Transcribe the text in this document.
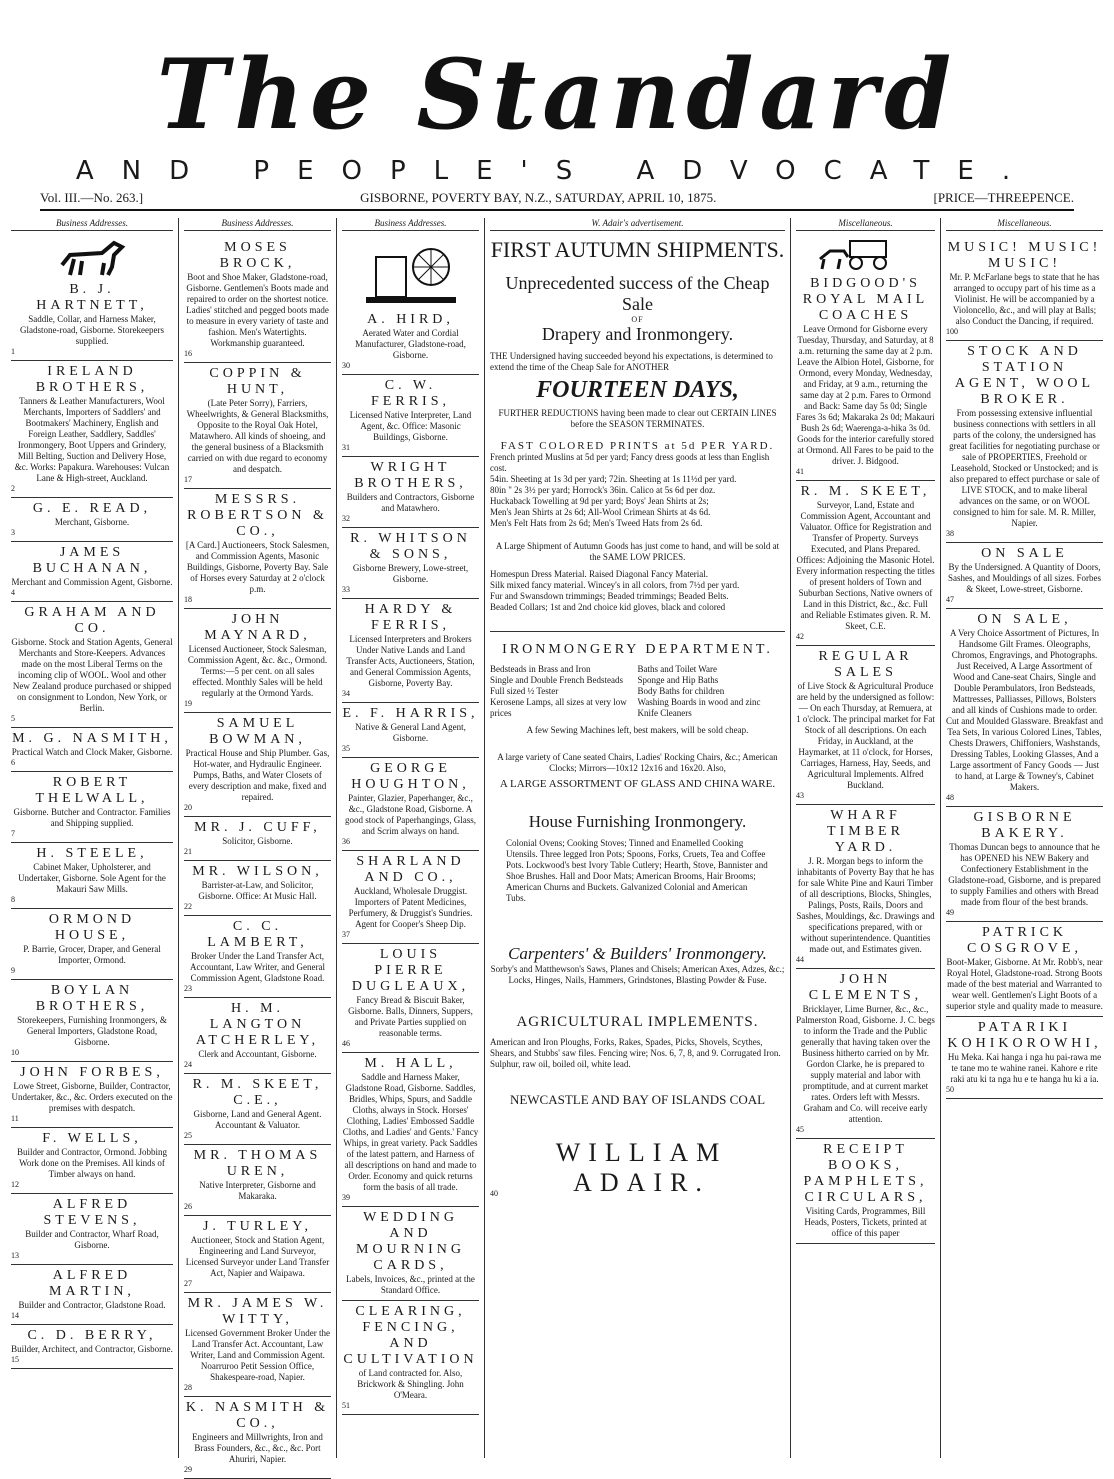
The Standard
AND PEOPLE'S ADVOCATE.
Vol. III.—No. 263.]	GISBORNE, POVERTY BAY, N.Z., SATURDAY, APRIL 10, 1875.	[PRICE—THREEPENCE.
Business Addresses.
B. J. HARTNETT,
Saddle, Collar, and Harness Maker, Gladstone-road, Gisborne. Storekeepers supplied.
1
IRELAND BROTHERS,
Tanners & Leather Manufacturers, Wool Merchants, Importers of Saddlers' and Bootmakers' Machinery, English and Foreign Leather, Saddlery, Saddles' Ironmongery, Boot Uppers and Grindery, Mill Belting, Suction and Delivery Hose, &c. Works: Papakura. Warehouses: Vulcan Lane & High-street, Auckland.
2
G. E. READ,
Merchant, Gisborne.
3
JAMES BUCHANAN,
Merchant and Commission Agent, Gisborne.
4
GRAHAM AND CO.
Gisborne. Stock and Station Agents, General Merchants and Store-Keepers. Advances made on the most Liberal Terms on the incoming clip of WOOL. Wool and other New Zealand produce purchased or shipped on consignment to London, New York, or Berlin.
5
M. G. NASMITH,
Practical Watch and Clock Maker, Gisborne.
6
ROBERT THELWALL,
Gisborne. Butcher and Contractor. Families and Shipping supplied.
7
H. STEELE,
Cabinet Maker, Upholsterer, and Undertaker, Gisborne. Sole Agent for the Makauri Saw Mills.
8
ORMOND HOUSE,
P. Barrie, Grocer, Draper, and General Importer, Ormond.
9
BOYLAN BROTHERS,
Storekeepers, Furnishing Ironmongers, & General Importers, Gladstone Road, Gisborne.
10
JOHN FORBES,
Lowe Street, Gisborne, Builder, Contractor, Undertaker, &c., &c. Orders executed on the premises with despatch.
11
F. WELLS,
Builder and Contractor, Ormond. Jobbing Work done on the Premises. All kinds of Timber always on hand.
12
ALFRED STEVENS,
Builder and Contractor, Wharf Road, Gisborne.
13
ALFRED MARTIN,
Builder and Contractor, Gladstone Road.
14
C. D. BERRY,
Builder, Architect, and Contractor, Gisborne.
15
Business Addresses.
MOSES BROCK,
Boot and Shoe Maker, Gladstone-road, Gisborne. Gentlemen's Boots made and repaired to order on the shortest notice. Ladies' stitched and pegged boots made to measure in every variety of taste and fashion. Men's Watertights. Workmanship guaranteed.
16
COPPIN & HUNT,
(Late Peter Sorry), Farriers, Wheelwrights, & General Blacksmiths, Opposite to the Royal Oak Hotel, Matawhero. All kinds of shoeing, and the general business of a Blacksmith carried on with due regard to economy and despatch.
17
MESSRS. ROBERTSON & CO.,
[A Card.] Auctioneers, Stock Salesmen, and Commission Agents, Masonic Buildings, Gisborne, Poverty Bay. Sale of Horses every Saturday at 2 o'clock p.m.
18
JOHN MAYNARD,
Licensed Auctioneer, Stock Salesman, Commission Agent, &c. &c., Ormond. Terms:—5 per cent. on all sales effected. Monthly Sales will be held regularly at the Ormond Yards.
19
SAMUEL BOWMAN,
Practical House and Ship Plumber. Gas, Hot-water, and Hydraulic Engineer. Pumps, Baths, and Water Closets of every description and make, fixed and repaired.
20
MR. J. CUFF,
Solicitor, Gisborne.
21
MR. WILSON,
Barrister-at-Law, and Solicitor, Gisborne. Office: At Music Hall.
22
C. C. LAMBERT,
Broker Under the Land Transfer Act, Accountant, Law Writer, and General Commission Agent, Gladstone Road.
23
H. M. LANGTON ATCHERLEY,
Clerk and Accountant, Gisborne.
24
R. M. SKEET, C.E.,
Gisborne, Land and General Agent. Accountant & Valuator.
25
MR. THOMAS UREN,
Native Interpreter, Gisborne and Makaraka.
26
J. TURLEY,
Auctioneer, Stock and Station Agent, Engineering and Land Surveyor, Licensed Surveyor under Land Transfer Act, Napier and Waipawa.
27
MR. JAMES W. WITTY,
Licensed Government Broker Under the Land Transfer Act. Accountant, Law Writer, Land and Commission Agent. Noarruroo Petit Session Office, Shakespeare-road, Napier.
28
K. NASMITH & CO.,
Engineers and Millwrights, Iron and Brass Founders, &c., &c., &c. Port Ahuriri, Napier.
29
Business Addresses.
A. HIRD,
Aerated Water and Cordial Manufacturer, Gladstone-road, Gisborne.
30
C. W. FERRIS,
Licensed Native Interpreter, Land Agent, &c. Office: Masonic Buildings, Gisborne.
31
WRIGHT BROTHERS,
Builders and Contractors, Gisborne and Matawhero.
32
R. WHITSON & SONS,
Gisborne Brewery, Lowe-street, Gisborne.
33
HARDY & FERRIS,
Licensed Interpreters and Brokers Under Native Lands and Land Transfer Acts, Auctioneers, Station, and General Commission Agents, Gisborne, Poverty Bay.
34
E. F. HARRIS,
Native & General Land Agent, Gisborne.
35
GEORGE HOUGHTON,
Painter, Glazier, Paperhanger, &c., &c., Gladstone Road, Gisborne. A good stock of Paperhangings, Glass, and Scrim always on hand.
36
SHARLAND AND CO.,
Auckland, Wholesale Druggist. Importers of Patent Medicines, Perfumery, & Druggist's Sundries. Agent for Cooper's Sheep Dip.
37
LOUIS PIERRE DUGLEAUX,
Fancy Bread & Biscuit Baker, Gisborne. Balls, Dinners, Suppers, and Private Parties supplied on reasonable terms.
46
M. HALL,
Saddle and Harness Maker, Gladstone Road, Gisborne. Saddles, Bridles, Whips, Spurs, and Saddle Cloths, always in Stock. Horses' Clothing, Ladies' Embossed Saddle Cloths, and Ladies' and Gents.' Fancy Whips, in great variety. Pack Saddles of the latest pattern, and Harness of all descriptions on hand and made to Order. Economy and quick returns form the basis of all trade.
39
WEDDING AND MOURNING CARDS,
Labels, Invoices, &c., printed at the Standard Office.
CLEARING, FENCING, AND CULTIVATION
of Land contracted for. Also, Brickwork & Shingling. John O'Meara.
51
W. Adair's advertisement.
FIRST AUTUMN SHIPMENTS.
Unprecedented success of the Cheap Sale
OF
Drapery and Ironmongery.
THE Undersigned having succeeded beyond his expectations, is determined to extend the time of the Cheap Sale for ANOTHER
FOURTEEN DAYS,
FURTHER REDUCTIONS having been made to clear out CERTAIN LINES before the SEASON TERMINATES.
FAST COLORED PRINTS at 5d PER YARD.
French printed Muslins at 5d per yard; Fancy dress goods at less than English cost.
54in. Sheeting at 1s 3d per yard; 72in. Sheeting at 1s 11½d per yard.
80in " 2s 3½ per yard; Horrock's 36in. Calico at 5s 6d per doz.
Huckaback Towelling at 9d per yard; Boys' Jean Shirts at 2s;
Men's Jean Shirts at 2s 6d; All-Wool Crimean Shirts at 4s 6d.
Men's Felt Hats from 2s 6d; Men's Tweed Hats from 2s 6d.
A Large Shipment of Autumn Goods has just come to hand, and will be sold at the SAME LOW PRICES.
Homespun Dress Material. Raised Diagonal Fancy Material.
Silk mixed fancy material. Wincey's in all colors, from 7½d per yard.
Fur and Swansdown trimmings; Beaded trimmings; Beaded Belts.
Beaded Collars; 1st and 2nd choice kid gloves, black and colored
IRONMONGERY DEPARTMENT.
Bedsteads in Brass and Iron
Single and Double French Bedsteads
Full sized ½ Tester
Kerosene Lamps, all sizes at very low prices
Baths and Toilet Ware
Sponge and Hip Baths
Body Baths for children
Washing Boards in wood and zinc
Knife Cleaners
A few Sewing Machines left, best makers, will be sold cheap.
A large variety of Cane seated Chairs, Ladies' Rocking Chairs, &c.; American Clocks; Mirrors—10x12 12x16 and 16x20. Also,
A LARGE ASSORTMENT OF GLASS AND CHINA WARE.
House Furnishing Ironmongery.
Colonial Ovens; Cooking Stoves; Tinned and Enamelled Cooking Utensils. Three legged Iron Pots; Spoons, Forks, Cruets, Tea and Coffee Pots. Lockwood's best Ivory Table Cutlery; Hearth, Stove, Bannister and Shoe Brushes. Hall and Door Mats; American Brooms, Hair Brooms; American Churns and Buckets. Galvanized Colonial and American Tubs.
Carpenters' & Builders' Ironmongery.
Sorby's and Matthewson's Saws, Planes and Chisels; American Axes, Adzes, &c.; Locks, Hinges, Nails, Hammers, Grindstones, Blasting Powder & Fuse.
AGRICULTURAL IMPLEMENTS.
American and Iron Ploughs, Forks, Rakes, Spades, Picks, Shovels, Scythes, Shears, and Stubbs' saw files. Fencing wire; Nos. 6, 7, 8, and 9. Corrugated Iron. Sulphur, raw oil, boiled oil, white lead.
NEWCASTLE AND BAY OF ISLANDS COAL
40
WILLIAM ADAIR.
Miscellaneous.
BIDGOOD'S ROYAL MAIL COACHES
Leave Ormond for Gisborne every Tuesday, Thursday, and Saturday, at 8 a.m. returning the same day at 2 p.m. Leave the Albion Hotel, Gisborne, for Ormond, every Monday, Wednesday, and Friday, at 9 a.m., returning the same day at 2 p.m. Fares to Ormond and Back: Same day 5s 0d; Single Fares 3s 6d; Makaraka 2s 0d; Makauri Bush 2s 6d; Waerenga-a-hika 3s 0d. Goods for the interior carefully stored at Ormond. All Fares to be paid to the driver. J. Bidgood.
41
R. M. SKEET,
Surveyor, Land, Estate and Commission Agent, Accountant and Valuator. Office for Registration and Transfer of Property. Surveys Executed, and Plans Prepared. Offices: Adjoining the Masonic Hotel. Every information respecting the titles of present holders of Town and Suburban Sections, Native owners of Land in this District, &c., &c. Full and Reliable Estimates given. R. M. Skeet, C.E.
42
REGULAR SALES
of Live Stock & Agricultural Produce are held by the undersigned as follow:— On each Thursday, at Remuera, at 1 o'clock. The principal market for Fat Stock of all descriptions. On each Friday, in Auckland, at the Haymarket, at 11 o'clock, for Horses, Carriages, Harness, Hay, Seeds, and Agricultural Implements. Alfred Buckland.
43
WHARF TIMBER YARD.
J. R. Morgan begs to inform the inhabitants of Poverty Bay that he has for sale White Pine and Kauri Timber of all descriptions, Blocks, Shingles, Palings, Posts, Rails, Doors and Sashes, Mouldings, &c. Drawings and specifications prepared, with or without superintendence. Quantities made out, and Estimates given.
44
JOHN CLEMENTS,
Bricklayer, Lime Burner, &c., &c., Palmerston Road, Gisborne. J. C. begs to inform the Trade and the Public generally that having taken over the Business hitherto carried on by Mr. Gordon Clarke, he is prepared to supply material and labor with promptitude, and at current market rates. Orders left with Messrs. Graham and Co. will receive early attention.
45
RECEIPT BOOKS, PAMPHLETS, CIRCULARS,
Visiting Cards, Programmes, Bill Heads, Posters, Tickets, printed at office of this paper
Miscellaneous.
MUSIC! MUSIC! MUSIC!
Mr. P. McFarlane begs to state that he has arranged to occupy part of his time as a Violinist. He will be accompanied by a Violoncello, &c., and will play at Balls; also Conduct the Dancing, if required.
100
STOCK AND STATION AGENT, WOOL BROKER.
From possessing extensive influential business connections with settlers in all parts of the colony, the undersigned has great facilities for negotiating purchase or sale of PROPERTIES, Freehold or Leasehold, Stocked or Unstocked; and is also prepared to effect purchase or sale of LIVE STOCK, and to make liberal advances on the same, or on WOOL consigned to him for sale. M. R. Miller, Napier.
38
ON SALE
By the Undersigned. A Quantity of Doors, Sashes, and Mouldings of all sizes. Forbes & Skeet, Lowe-street, Gisborne.
47
ON SALE,
A Very Choice Assortment of Pictures, In Handsome Gilt Frames. Oleographs, Chromos, Engravings, and Photographs. Just Received, A Large Assortment of Wood and Cane-seat Chairs, Single and Double Perambulators, Iron Bedsteads, Mattresses, Palliasses, Pillows, Bolsters and all kinds of Cushions made to order. Cut and Moulded Glassware. Breakfast and Tea Sets, In various Colored Lines, Tables, Chests Drawers, Chiffoniers, Washstands, Dressing Tables, Looking Glasses, And a Large assortment of Fancy Goods — Just to hand, at Large & Towney's, Cabinet Makers.
48
GISBORNE BAKERY.
Thomas Duncan begs to announce that he has OPENED his NEW Bakery and Confectionery Establishment in the Gladstone-road, Gisborne, and is prepared to supply Families and others with Bread made from flour of the best brands.
49
PATRICK COSGROVE,
Boot-Maker, Gisborne. At Mr. Robb's, near Royal Hotel, Gladstone-road. Strong Boots made of the best material and Warranted to wear well. Gentlemen's Light Boots of a superior style and quality made to measure.
PATARIKI KOHIKOROWHI,
Hu Meka. Kai hanga i nga hu pai-rawa me te tane mo te wahine ranei. Kahore e rite raki atu ki ta nga hu e te hanga hu ki a ia.
50
